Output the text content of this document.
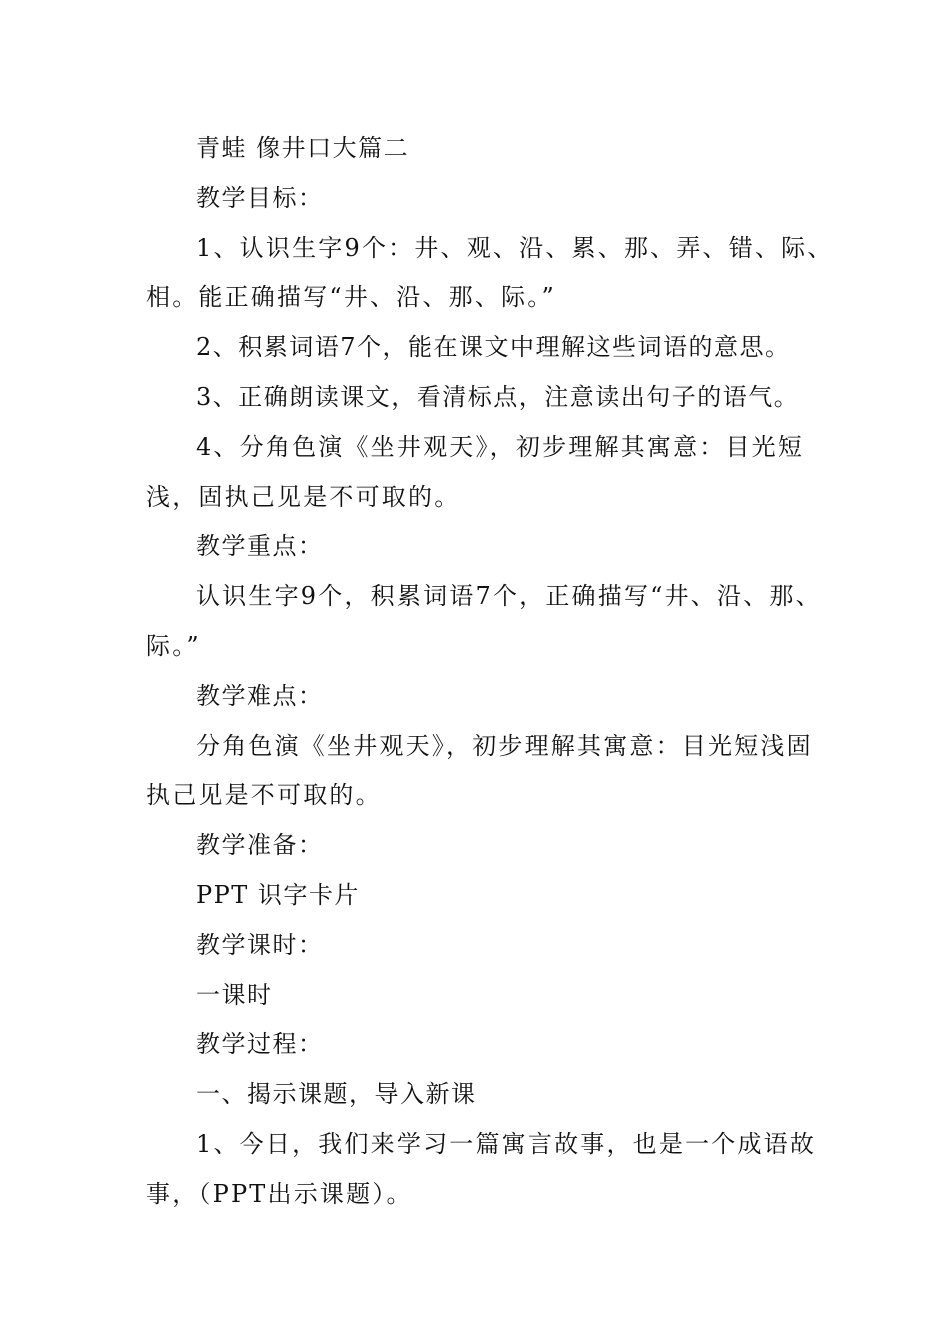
青蛙 像井口大篇二

教学目标：

1、认识生字9个：井、观、沿、累、那、弄、错、际、相。能正确描写“井、沿、那、际。”

2、积累词语7个，能在课文中理解这些词语的意思。

3、正确朗读课文，看清标点，注意读出句子的语气。

4、分角色演《坐井观天》，初步理解其寓意：目光短浅，固执己见是不可取的。

教学重点：

认识生字9个，积累词语7个，正确描写“井、沿、那、际。”

教学难点：

分角色演《坐井观天》，初步理解其寓意：目光短浅固执己见是不可取的。

教学准备：

PPT 识字卡片

教学课时：

一课时

教学过程：

一、揭示课题，导入新课

1、今日，我们来学习一篇寓言故事，也是一个成语故事，（PPT出示课题）。
